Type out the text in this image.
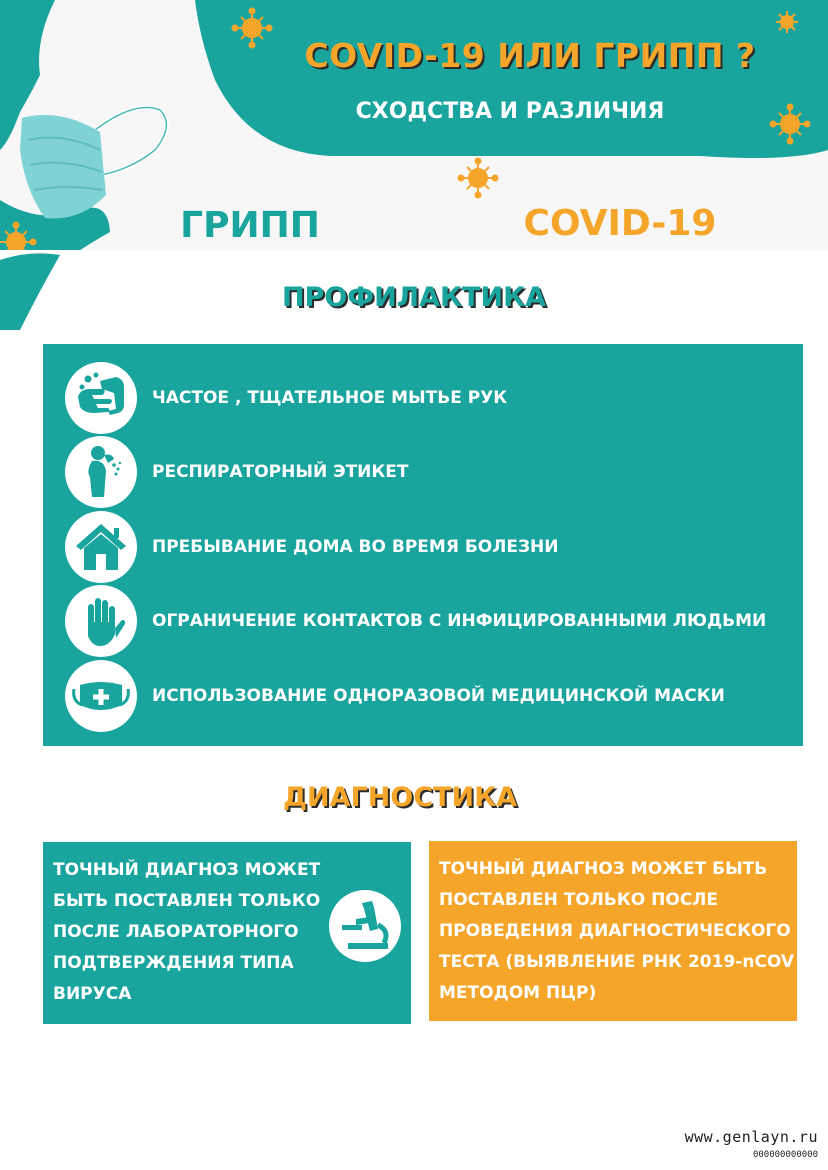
COVID-19 ИЛИ ГРИПП ?
СХОДСТВА И РАЗЛИЧИЯ
ГРИПП	COVID-19
ПРОФИЛАКТИКА
ЧАСТОЕ , ТЩАТЕЛЬНОЕ МЫТЬЕ РУК
РЕСПИРАТОРНЫЙ ЭТИКЕТ
ПРЕБЫВАНИЕ ДОМА ВО ВРЕМЯ БОЛЕЗНИ
ОГРАНИЧЕНИЕ КОНТАКТОВ С ИНФИЦИРОВАННЫМИ ЛЮДЬМИ
ИСПОЛЬЗОВАНИЕ ОДНОРАЗОВОЙ МЕДИЦИНСКОЙ МАСКИ
ДИАГНОСТИКА
ТОЧНЫЙ ДИАГНОЗ МОЖЕТ
БЫТЬ ПОСТАВЛЕН ТОЛЬКО
ПОСЛЕ ЛАБОРАТОРНОГО
ПОДТВЕРЖДЕНИЯ ТИПА
ВИРУСА
ТОЧНЫЙ ДИАГНОЗ МОЖЕТ БЫТЬ
ПОСТАВЛЕН ТОЛЬКО ПОСЛЕ
ПРОВЕДЕНИЯ ДИАГНОСТИЧЕСКОГО
ТЕСТА (ВЫЯВЛЕНИЕ РНК 2019-nCOV
МЕТОДОМ ПЦР)
www.genlayn.ru
000000000000
